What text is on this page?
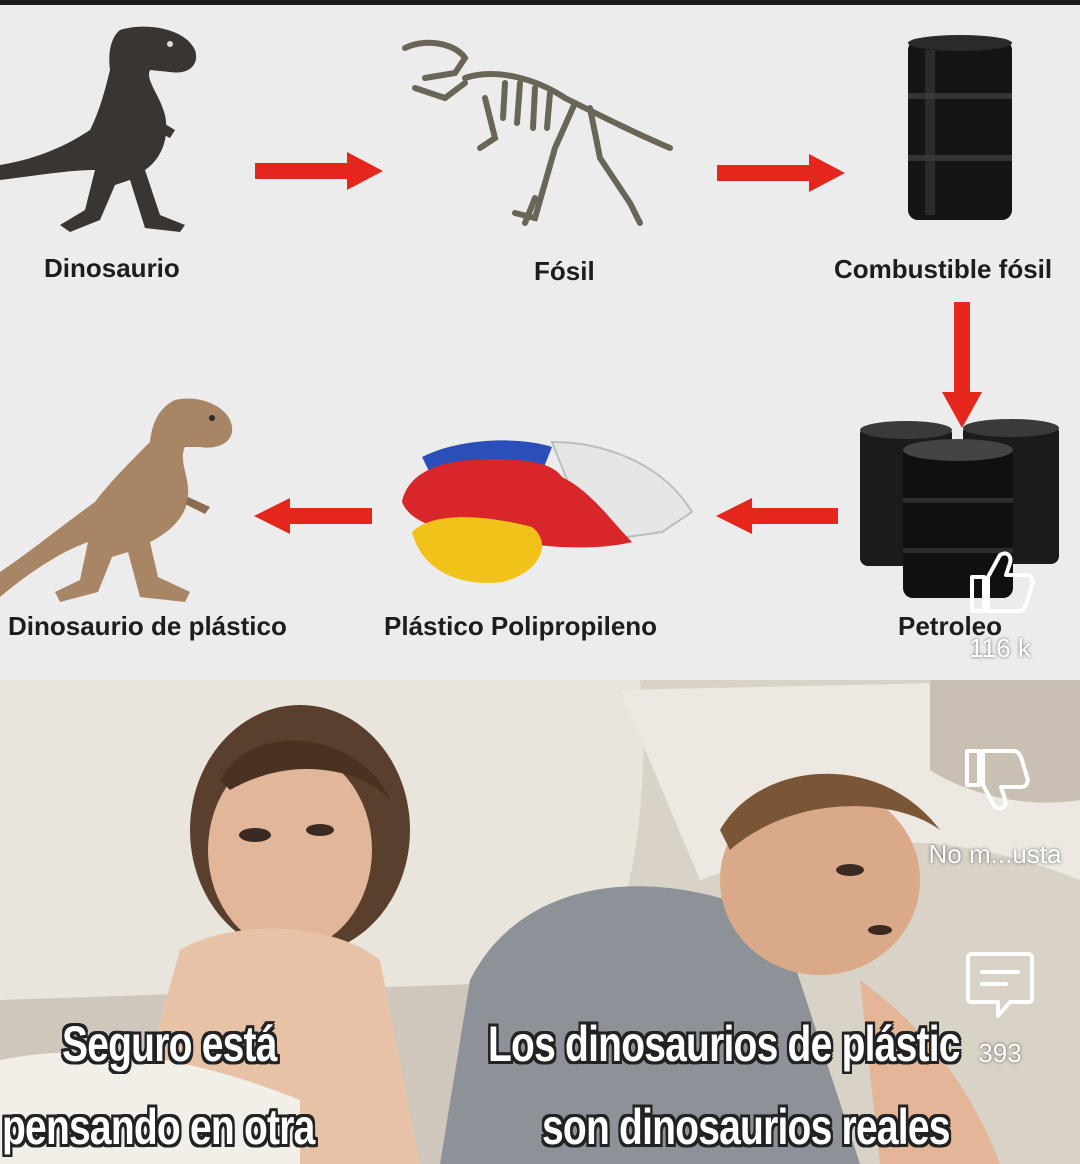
Dinosaurio	Fósil	Combustible fósil
Dinosaurio de plástico	Plástico Polipropileno	Petroleo
Seguro está
pensando en otra
Los dinosaurios de plástic
son dinosaurios reales
116 k
No m...usta
393
